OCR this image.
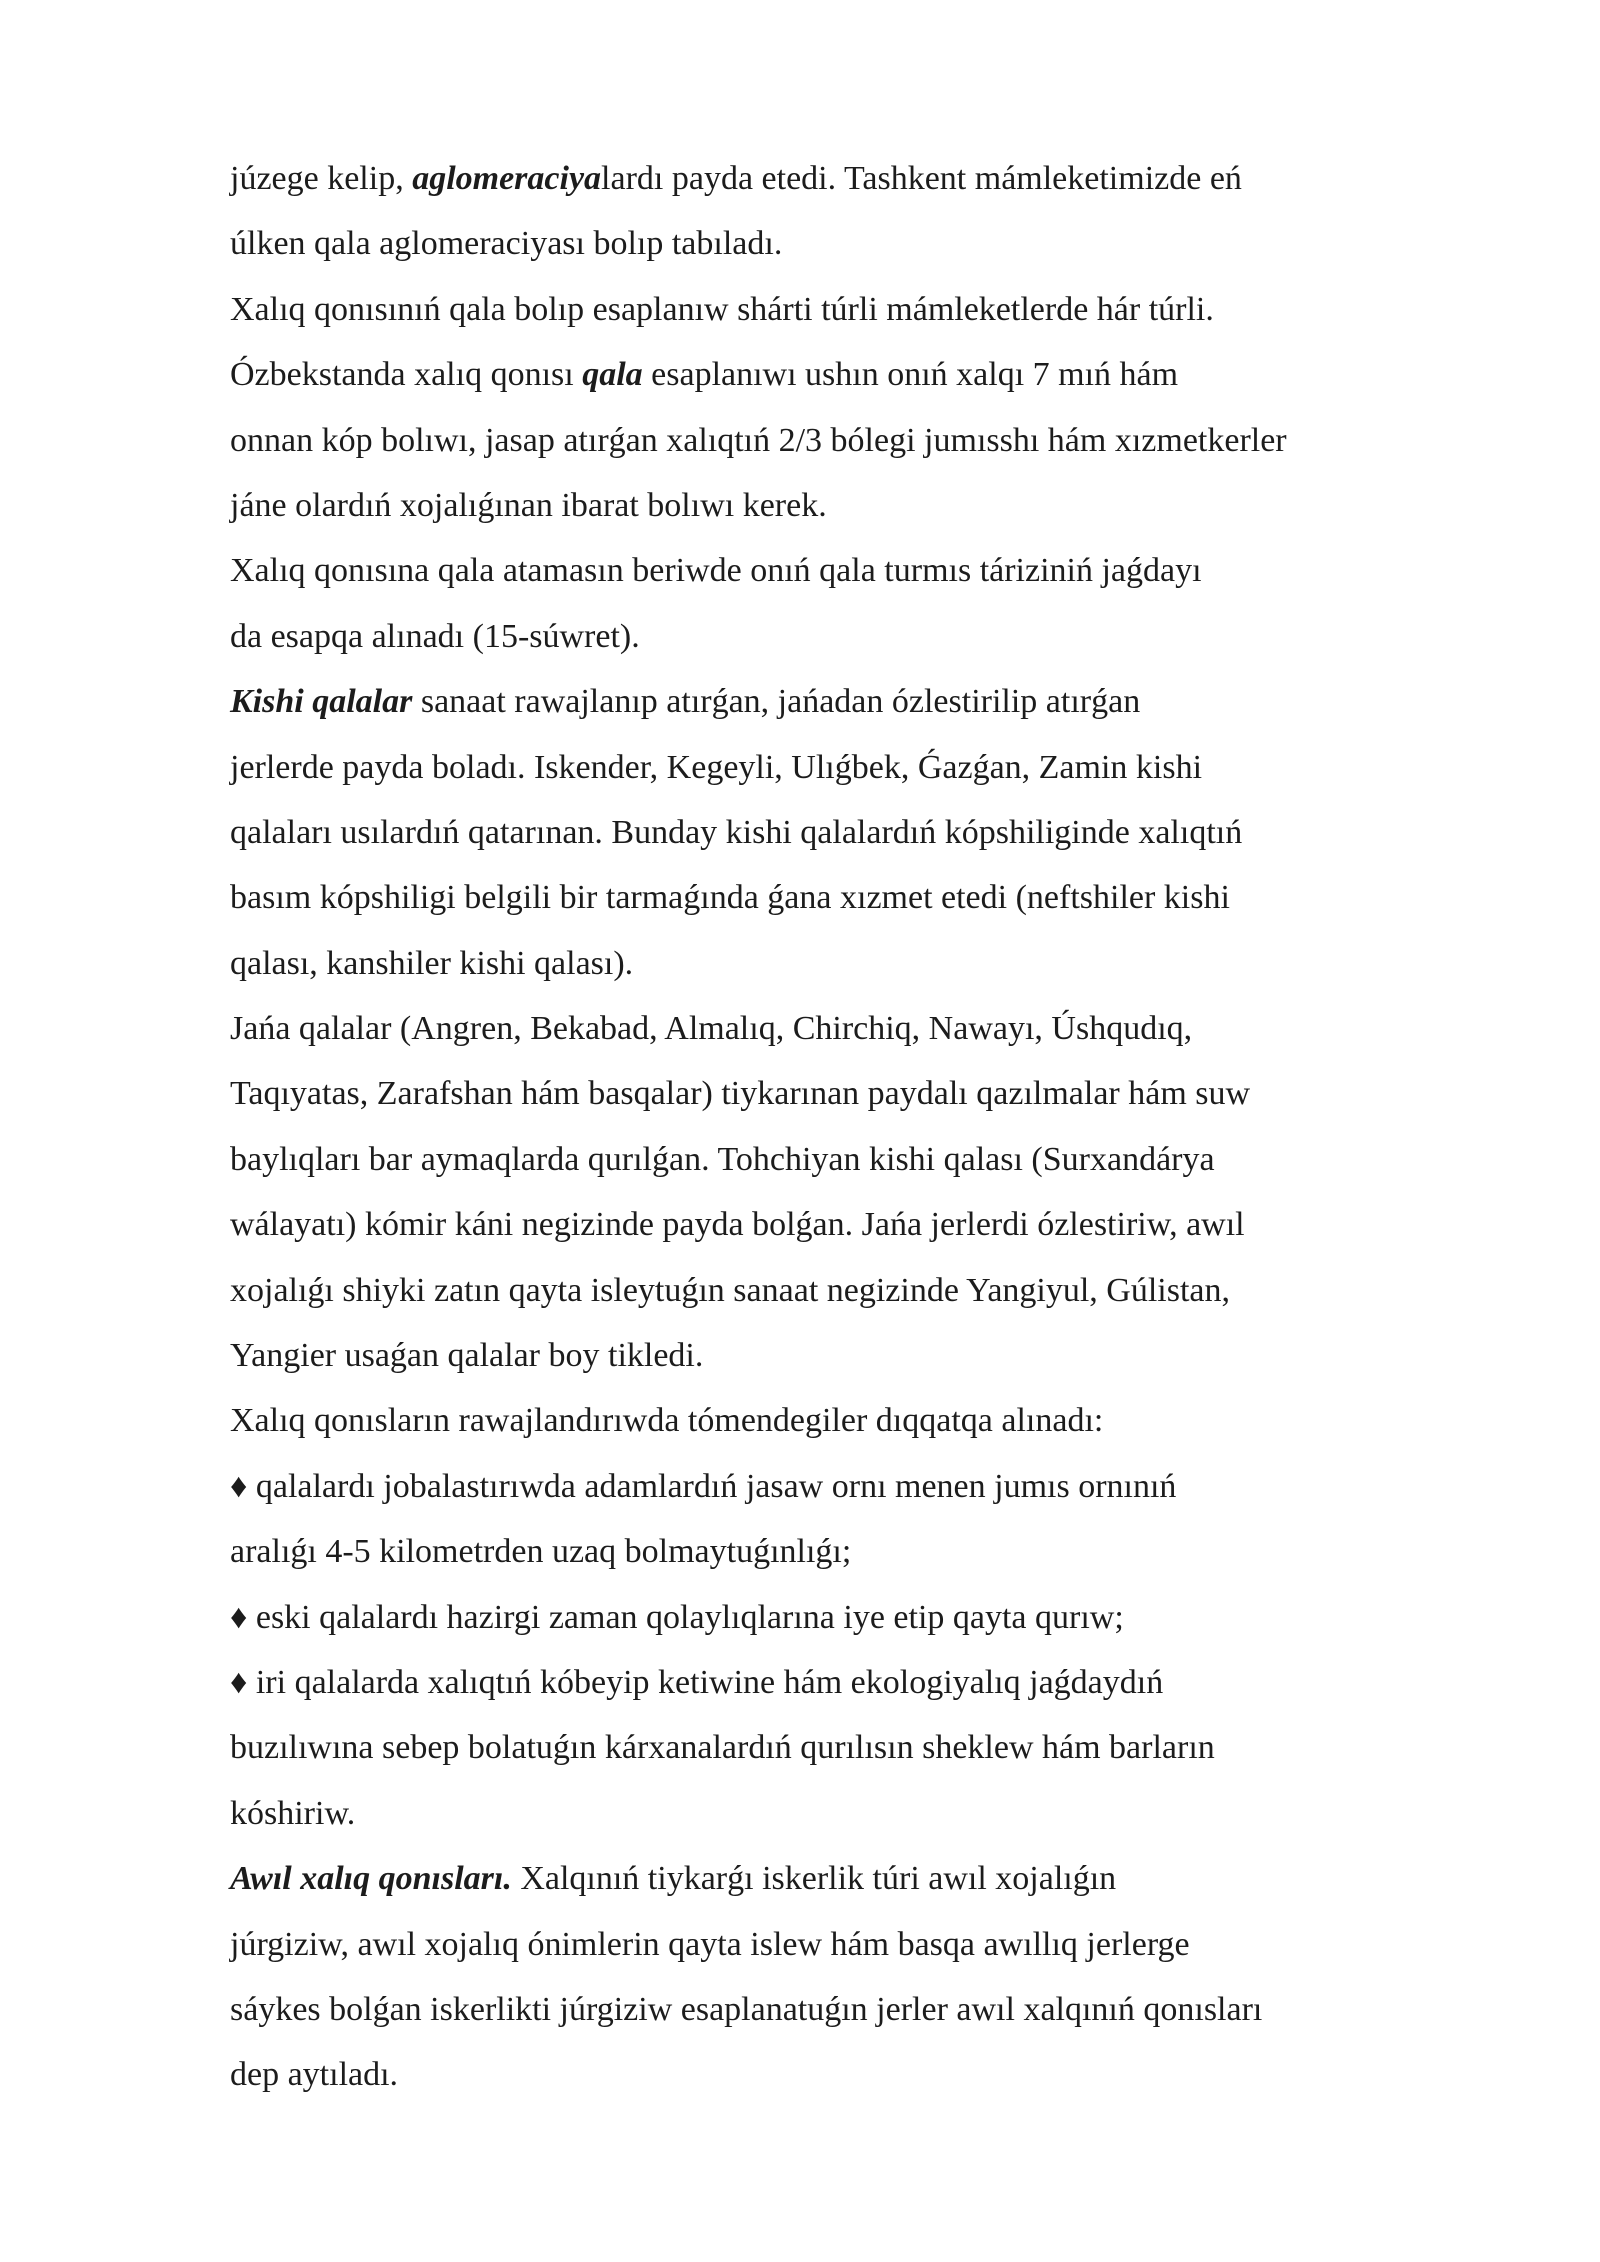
júzege kelip, aglomeraciyalardı payda etedi. Tashkent mámleketimizde eń
úlken qala aglomeraciyası bolıp tabıladı.
Xalıq qonısınıń qala bolıp esaplanıw shárti túrli mámleketlerde hár túrli.
Ózbekstanda xalıq qonısı qala esaplanıwı ushın onıń xalqı 7 mıń hám
onnan kóp bolıwı, jasap atırǵan xalıqtıń 2/3 bólegi jumısshı hám xızmetkerler
jáne olardıń xojalıǵınan ibarat bolıwı kerek.
Xalıq qonısına qala atamasın beriwde onıń qala turmıs táriziniń jaǵdayı
da esapqa alınadı (15-súwret).
Kishi qalalar sanaat rawajlanıp atırǵan, jańadan ózlestirilip atırǵan
jerlerde payda boladı. Iskender, Kegeyli, Ulıǵbek, Ǵazǵan, Zamin kishi
qalaları usılardıń qatarınan. Bunday kishi qalalardıń kópshiliginde xalıqtıń
basım kópshiligi belgili bir tarmaǵında ǵana xızmet etedi (neftshiler kishi
qalası, kanshiler kishi qalası).
Jańa qalalar (Angren, Bekabad, Almalıq, Chirchiq, Nawayı, Úshqudıq,
Taqıyatas, Zarafshan hám basqalar) tiykarınan paydalı qazılmalar hám suw
baylıqları bar aymaqlarda qurılǵan. Tohchiyan kishi qalası (Surxandárya
wálayatı) kómir káni negizinde payda bolǵan. Jańa jerlerdi ózlestiriw, awıl
xojalıǵı shiyki zatın qayta isleytuǵın sanaat negizinde Yangiyul, Gúlistan,
Yangier usaǵan qalalar boy tikledi.
Xalıq qonısların rawajlandırıwda tómendegiler dıqqatqa alınadı:
♦ qalalardı jobalastırıwda adamlardıń jasaw ornı menen jumıs ornınıń
aralıǵı 4-5 kilometrden uzaq bolmaytuǵınlıǵı;
♦ eski qalalardı hazirgi zaman qolaylıqlarına iye etip qayta qurıw;
♦ iri qalalarda xalıqtıń kóbeyip ketiwine hám ekologiyalıq jaǵdaydıń
buzılıwına sebep bolatuǵın kárxanalardıń qurılısın sheklew hám barların
kóshiriw.
Awıl xalıq qonısları. Xalqınıń tiykarǵı iskerlik túri awıl xojalıǵın
júrgiziw, awıl xojalıq ónimlerin qayta islew hám basqa awıllıq jerlerge
sáykes bolǵan iskerlikti júrgiziw esaplanatuǵın jerler awıl xalqınıń qonısları
dep aytıladı.
